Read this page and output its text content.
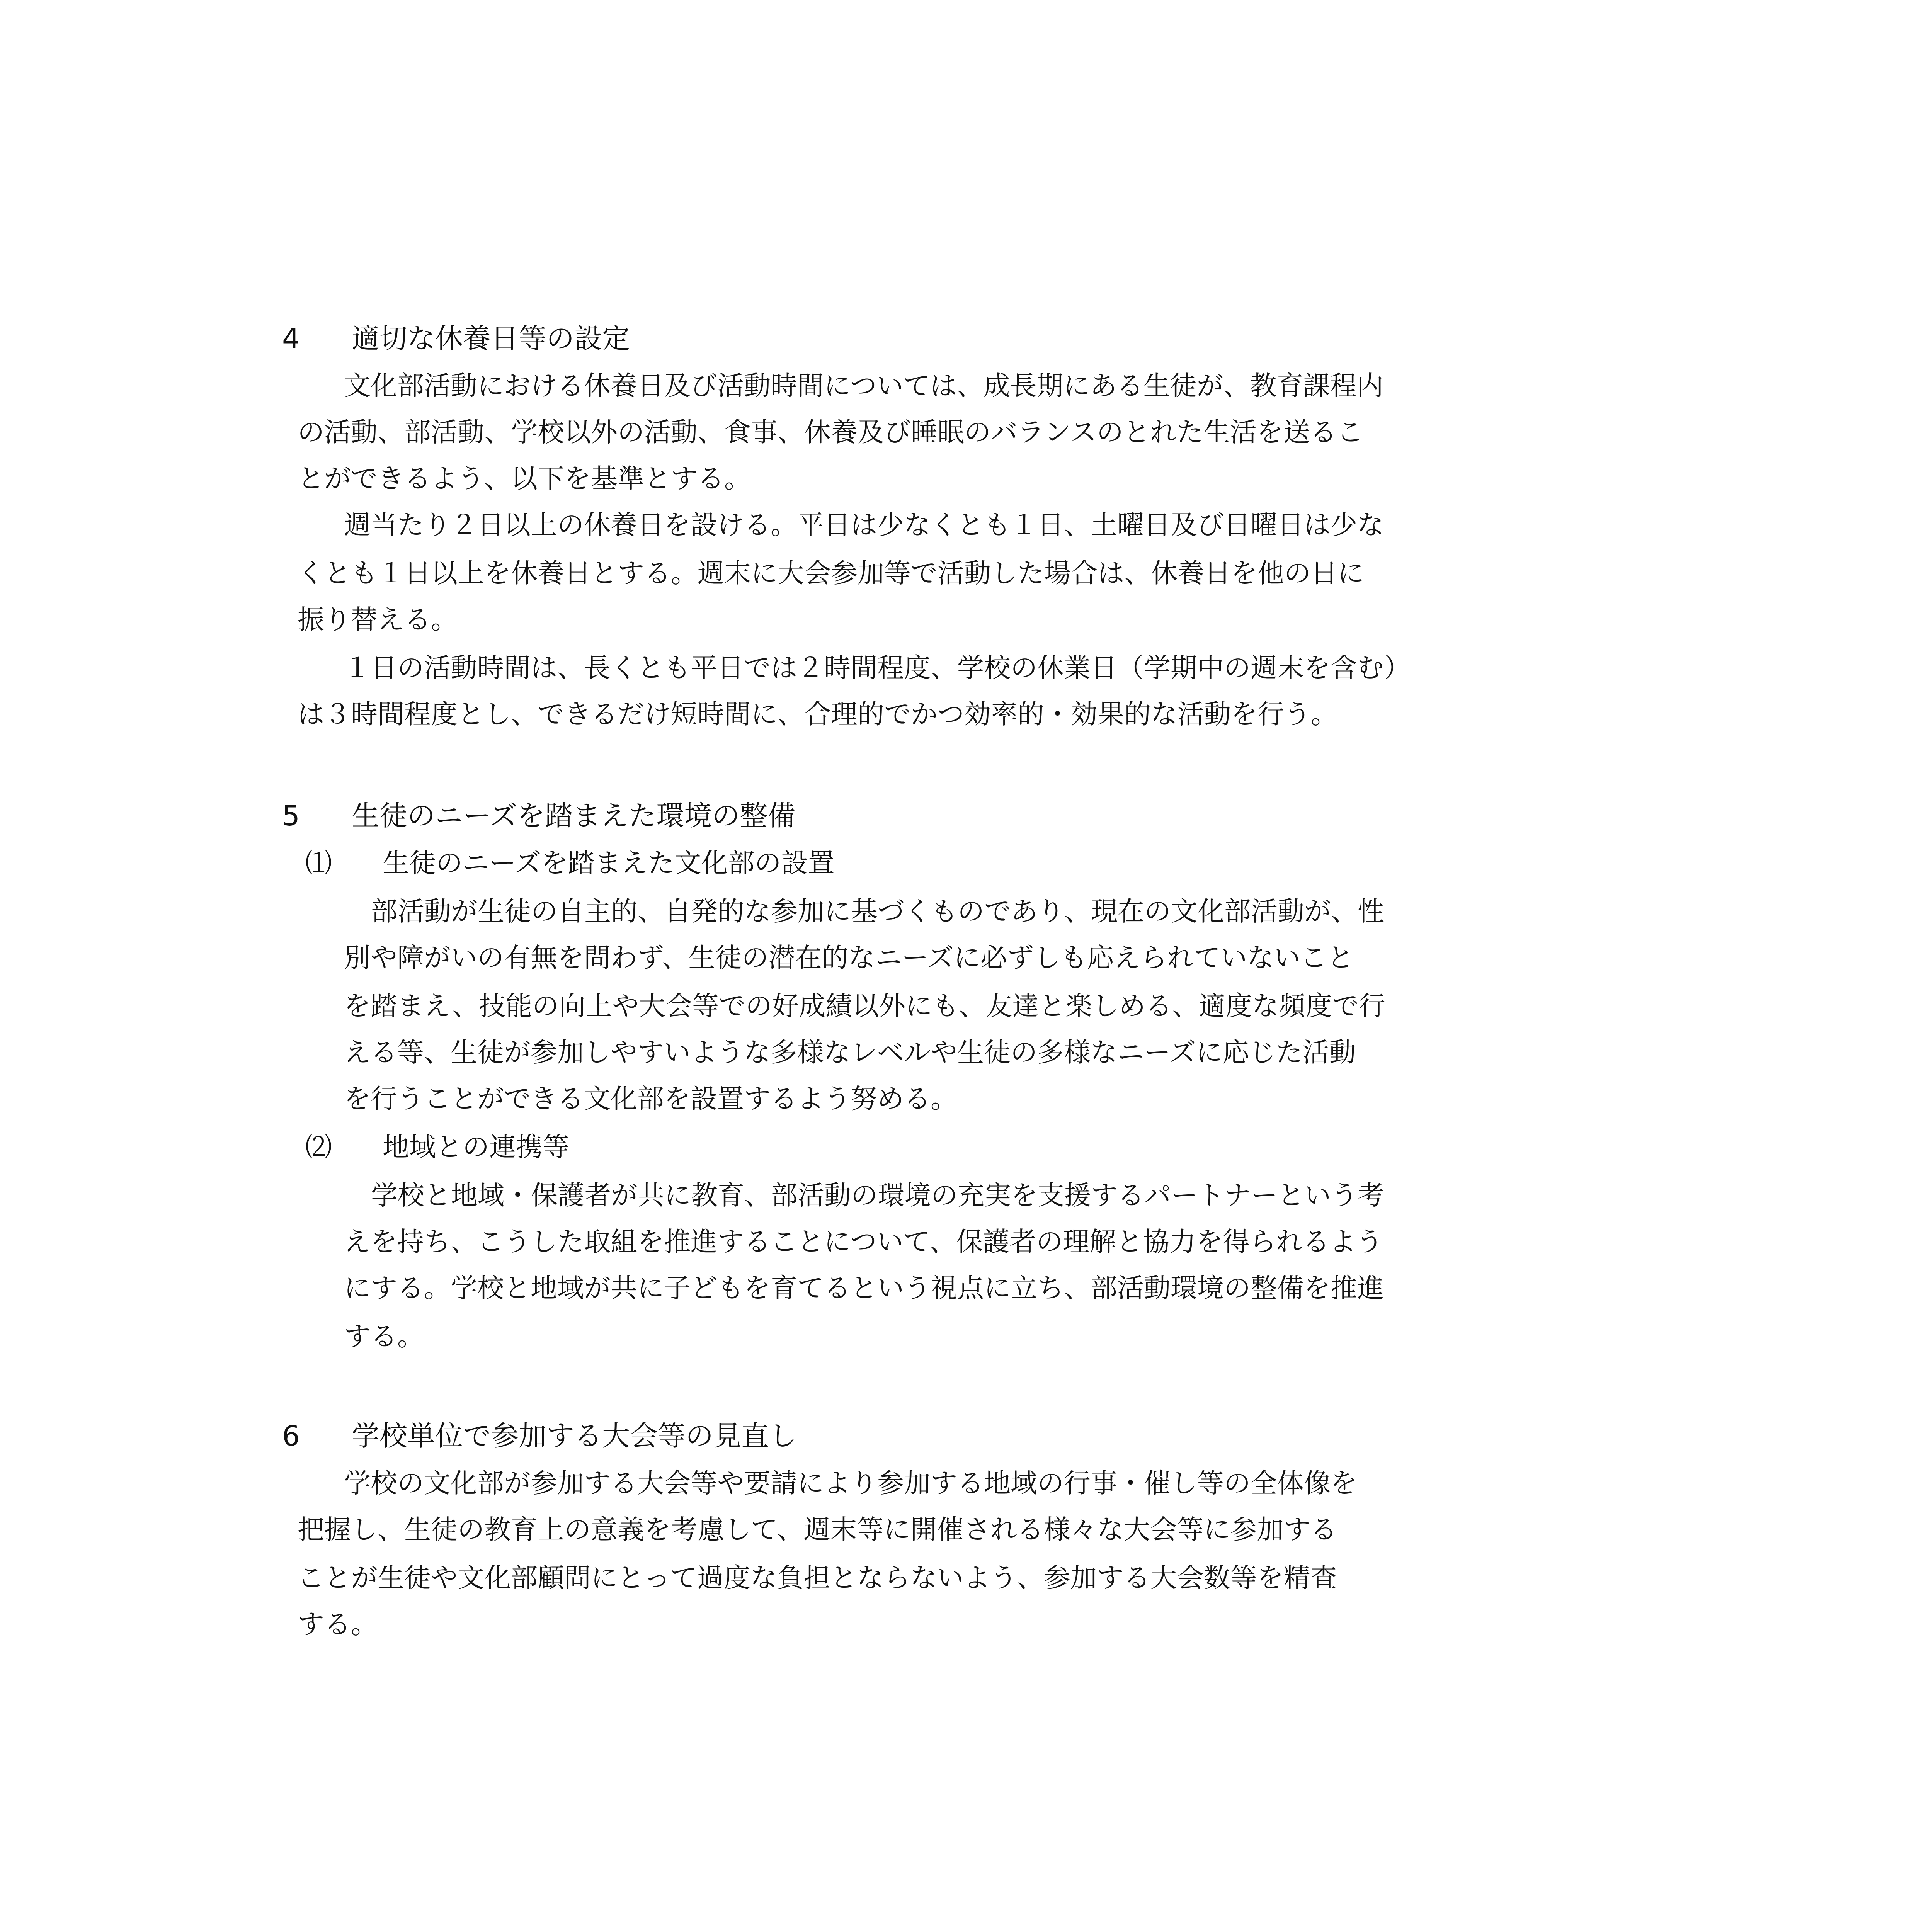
4 適切な休養日等の設定

文化部活動における休養日及び活動時間については、成長期にある生徒が、教育課程内

の活動、部活動、学校以外の活動、食事、休養及び睡眠のバランスのとれた生活を送るこ

とができるよう、以下を基準とする。

週当たり２日以上の休養日を設ける。平日は少なくとも１日、土曜日及び日曜日は少な

くとも１日以上を休養日とする。週末に大会参加等で活動した場合は、休養日を他の日に

振り替える。

１日の活動時間は、長くとも平日では２時間程度、学校の休業日（学期中の週末を含む）

は３時間程度とし、できるだけ短時間に、合理的でかつ効率的・効果的な活動を行う。

5 生徒のニーズを踏まえた環境の整備
⑴ 生徒のニーズを踏まえた文化部の設置

部活動が生徒の自主的、自発的な参加に基づくものであり、現在の文化部活動が、性

別や障がいの有無を問わず、生徒の潜在的なニーズに必ずしも応えられていないこと

を踏まえ、技能の向上や大会等での好成績以外にも、友達と楽しめる、適度な頻度で行

える等、生徒が参加しやすいような多様なレベルや生徒の多様なニーズに応じた活動

を行うことができる文化部を設置するよう努める。

⑵ 地域との連携等

学校と地域・保護者が共に教育、部活動の環境の充実を支援するパートナーという考

えを持ち、こうした取組を推進することについて、保護者の理解と協力を得られるよう

にする。学校と地域が共に子どもを育てるという視点に立ち、部活動環境の整備を推進

する。

6 学校単位で参加する大会等の見直し

学校の文化部が参加する大会等や要請により参加する地域の行事・催し等の全体像を

把握し、生徒の教育上の意義を考慮して、週末等に開催される様々な大会等に参加する

ことが生徒や文化部顧問にとって過度な負担とならないよう、参加する大会数等を精査

する。
